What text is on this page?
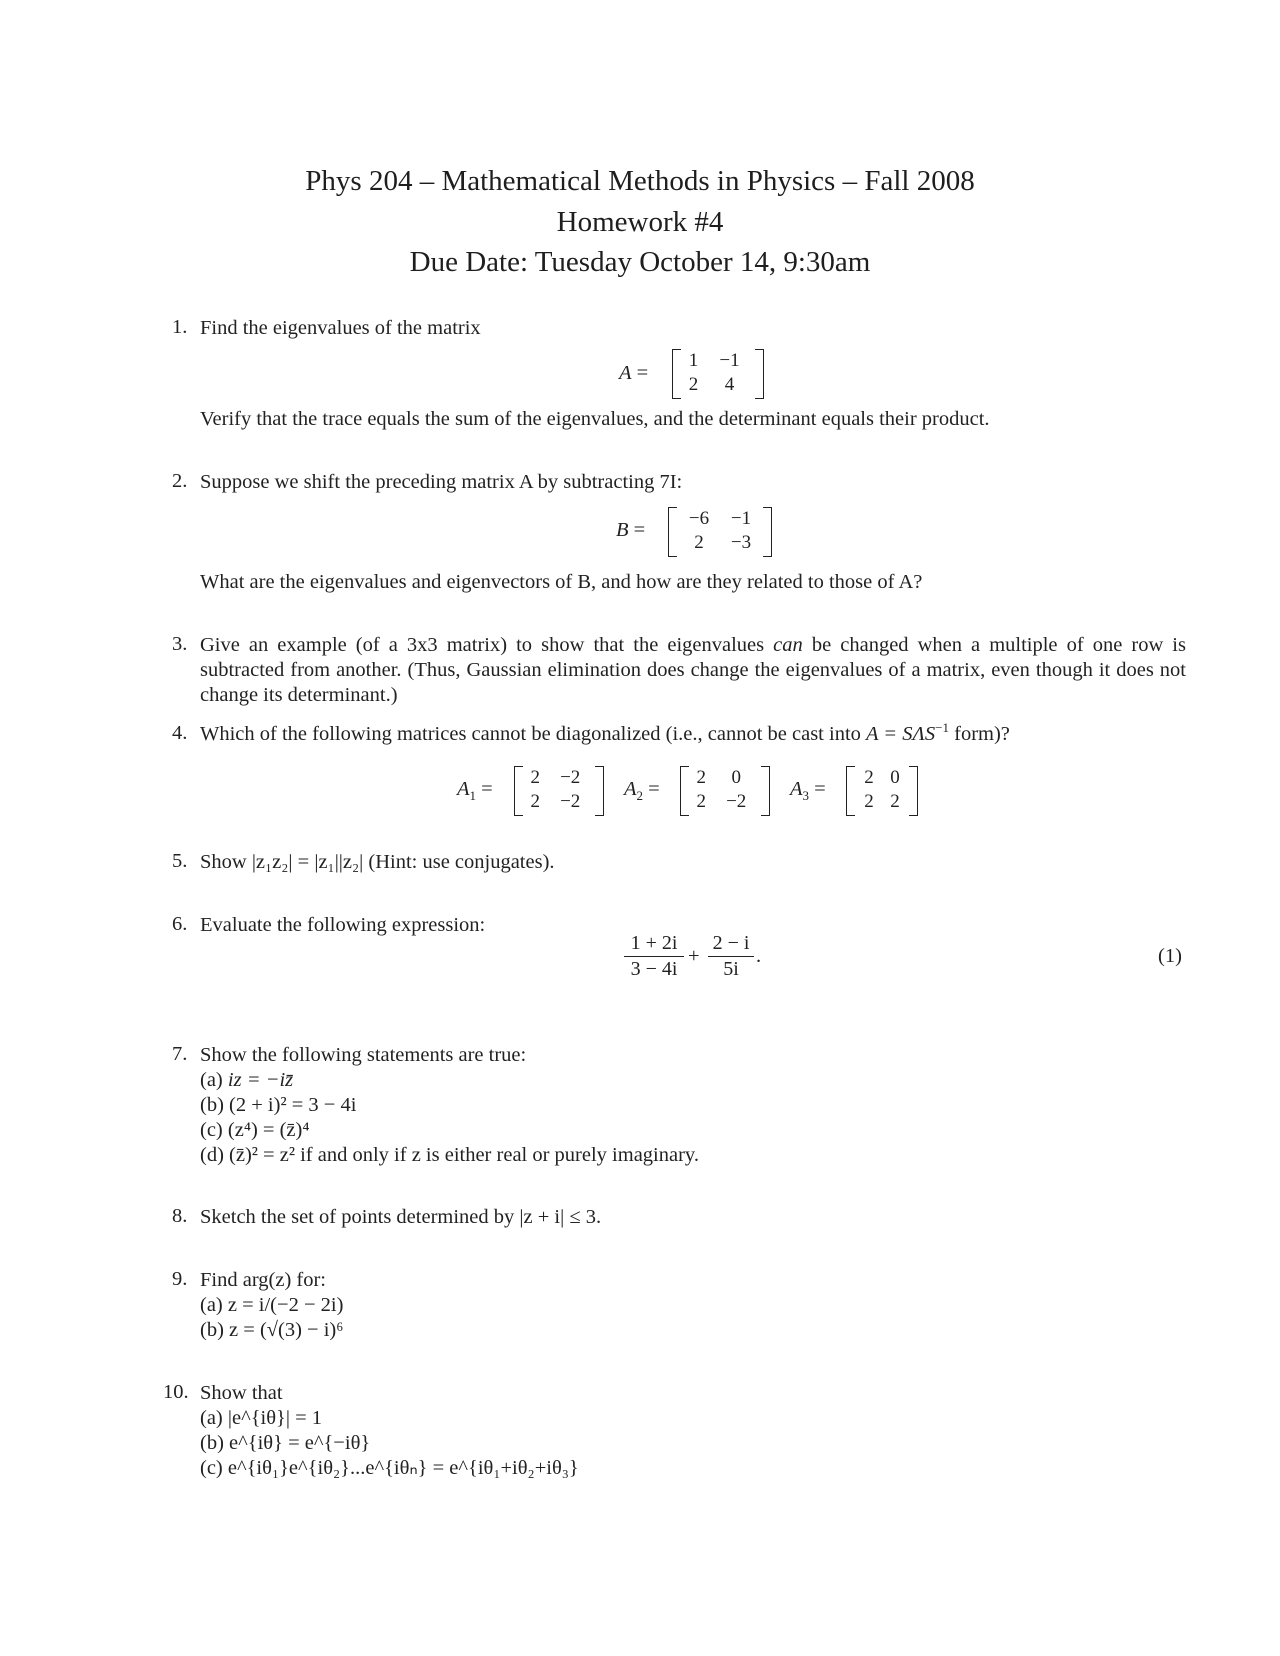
Phys 204 – Mathematical Methods in Physics – Fall 2008
Homework #4
Due Date: Tuesday October 14, 9:30am
1. Find the eigenvalues of the matrix
A =
1	−1
2	4
Verify that the trace equals the sum of the eigenvalues, and the determinant equals their product.
2. Suppose we shift the preceding matrix A by subtracting 7I:
B =
−6	−1
2	−3
What are the eigenvalues and eigenvectors of B, and how are they related to those of A?
3. Give an example (of a 3x3 matrix) to show that the eigenvalues can be changed when a multiple of one row is subtracted from another. (Thus, Gaussian elimination does change the eigenvalues of a matrix, even though it does not change its determinant.)
4. Which of the following matrices cannot be diagonalized (i.e., cannot be cast into $A = S\Lambda S^{-1}$ form)?
$A_1$ =
2	−2
2	−2
$A_2$ =
2	0
2	−2
$A_3$ =
2	0
2	2
5. Show |z₁z₂| = |z₁||z₂| (Hint: use conjugates).
6. Evaluate the following expression:
$\frac{1 + 2i}{3 - 4i} + \frac{2 - i}{5i}$ .	(1)
7. Show the following statements are true:
(a) iz = −iz̄
(b) (2 + i)² = 3 − 4i
(c) (z⁴) = (z̄)⁴
(d) (z̄)² = z² if and only if z is either real or purely imaginary.
8. Sketch the set of points determined by |z + i| ≤ 3.
9. Find arg(z) for:
(a) z = i/(−2 − 2i)
(b) z = (√(3) − i)⁶
10. Show that
(a) |e^{iθ}| = 1
(b) e^{iθ} = e^{−iθ}
(c) e^{iθ₁}e^{iθ₂}...e^{iθₙ} = e^{iθ₁+iθ₂+iθ₃}
